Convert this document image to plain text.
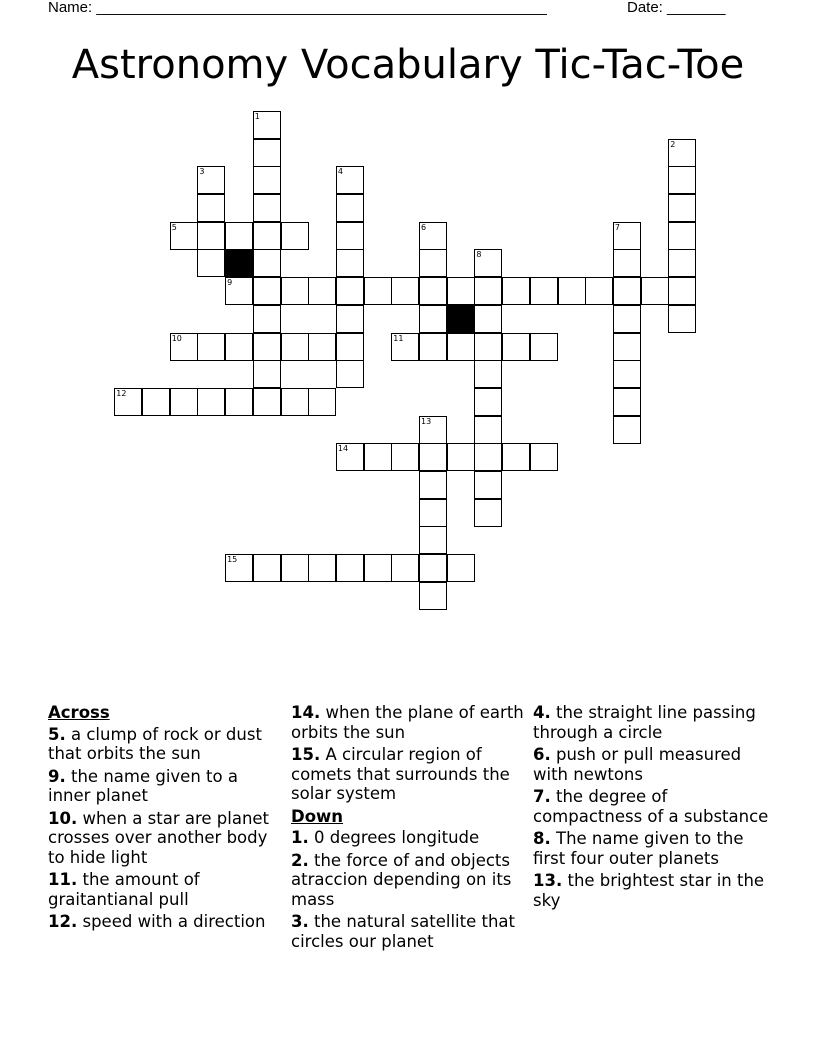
Name: ______________________________________________________	Date: _______
Astronomy Vocabulary Tic-Tac-Toe
1
3
5
4
2
6	7
8
9
10	11
12
13
14
15
Across

5. a clump of rock or dust that orbits the sun

9. the name given to a inner planet

10. when a star are planet crosses over another body to hide light

11. the amount of graitantianal pull

12. speed with a direction

14. when the plane of earth orbits the sun

15. A circular region of comets that surrounds the solar system

Down

1. 0 degrees longitude

2. the force of and objects atraccion depending on its mass

3. the natural satellite that circles our planet

4. the straight line passing through a circle

6. push or pull measured with newtons

7. the degree of compactness of a substance

8. The name given to the first four outer planets

13. the brightest star in the sky
